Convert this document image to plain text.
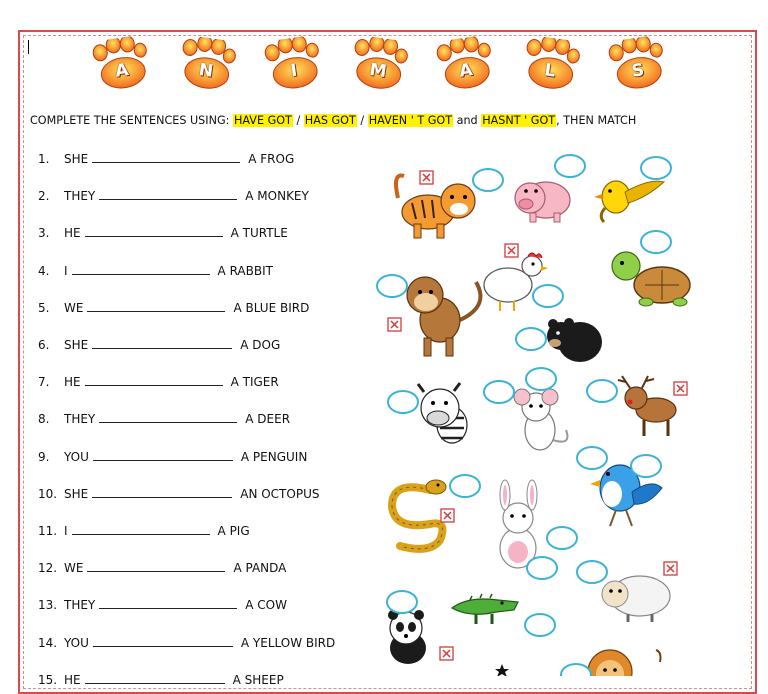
A	N	I	M	A	L	S
COMPLETE THE SENTENCES USING: HAVE GOT / HAS GOT / HAVEN ' T GOT and HASNT ' GOT, THEN MATCH
1.	SHE	A FROG
2.	THEY	A MONKEY
3.	HE	A TURTLE
4.	I	A RABBIT
5.	WE	A BLUE BIRD
6.	SHE	A DOG
7.	HE	A TIGER
8.	THEY	A DEER
9.	YOU	A PENGUIN
10. SHE	AN OCTOPUS
11. I	A PIG
12. WE	A PANDA
13. THEY	A COW
14. YOU	A YELLOW BIRD
15. HE	A SHEEP
